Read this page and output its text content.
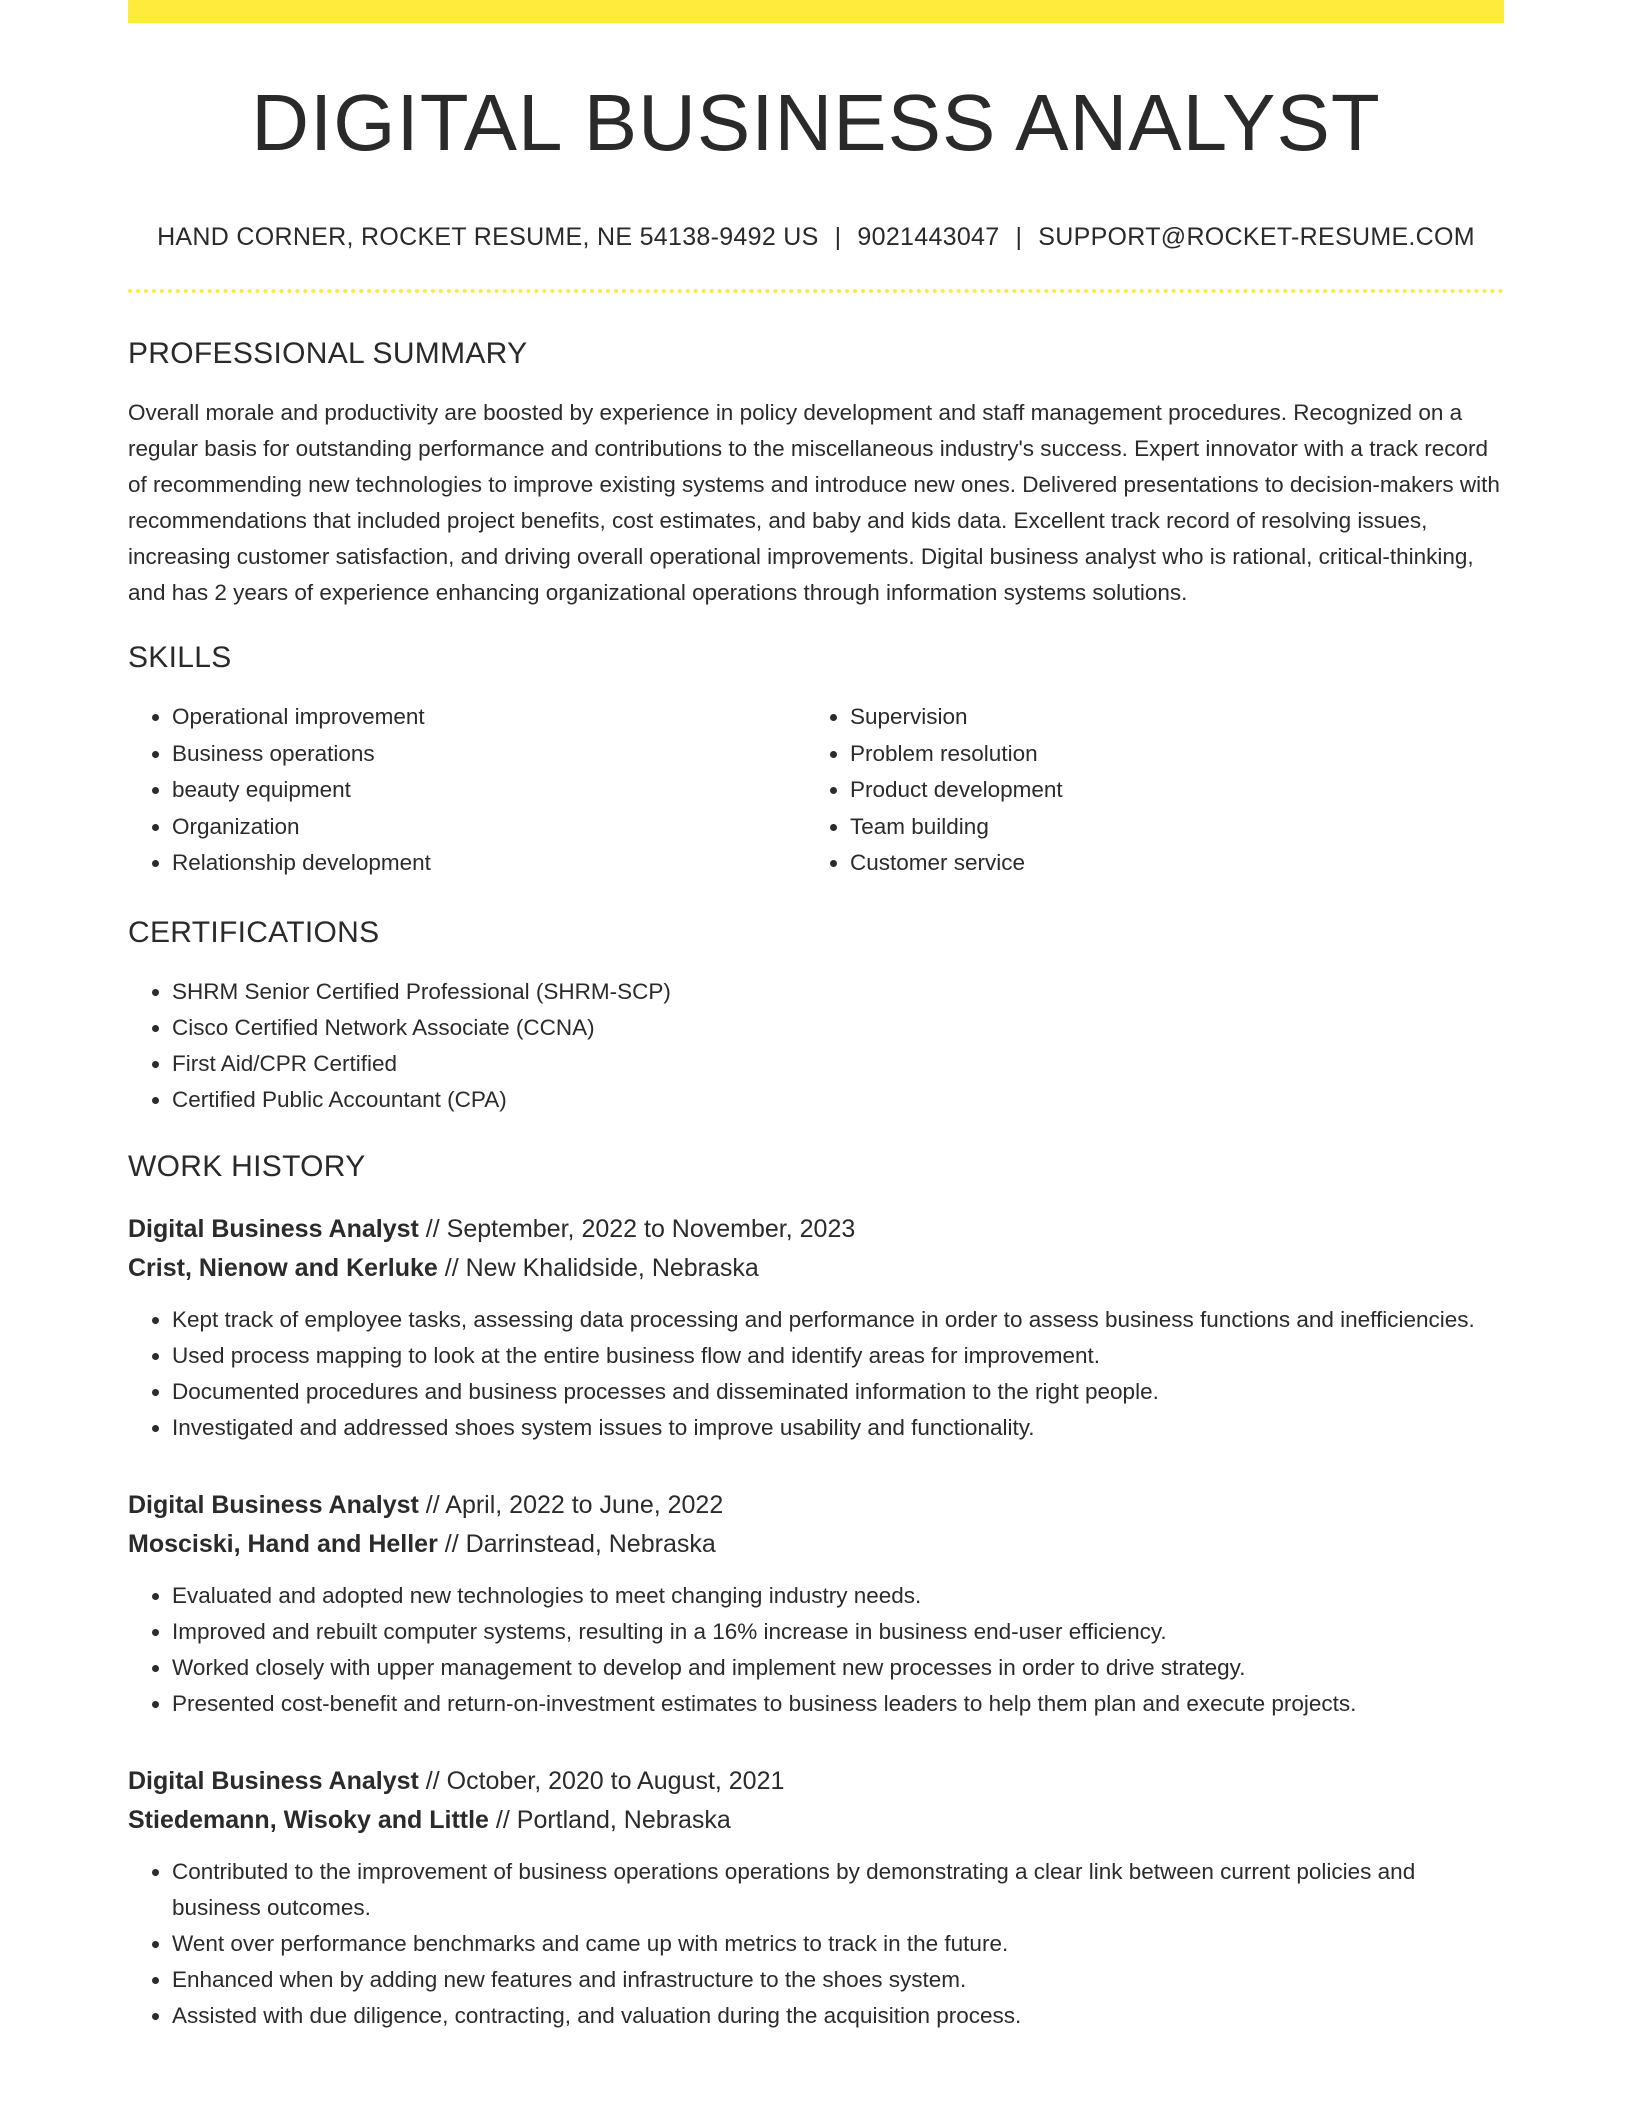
DIGITAL BUSINESS ANALYST
HAND CORNER, ROCKET RESUME, NE 54138-9492 US | 9021443047 | SUPPORT@ROCKET-RESUME.COM
PROFESSIONAL SUMMARY

Overall morale and productivity are boosted by experience in policy development and staff management procedures. Recognized on a regular basis for outstanding performance and contributions to the miscellaneous industry's success. Expert innovator with a track record of recommending new technologies to improve existing systems and introduce new ones. Delivered presentations to decision-makers with recommendations that included project benefits, cost estimates, and baby and kids data. Excellent track record of resolving issues, increasing customer satisfaction, and driving overall operational improvements. Digital business analyst who is rational, critical-thinking, and has 2 years of experience enhancing organizational operations through information systems solutions.

SKILLS
• Operational improvement
• Business operations
• beauty equipment
• Organization
• Relationship development
• Supervision
• Problem resolution
• Product development
• Team building
• Customer service
CERTIFICATIONS
• SHRM Senior Certified Professional (SHRM-SCP)
• Cisco Certified Network Associate (CCNA)
• First Aid/CPR Certified
• Certified Public Accountant (CPA)
WORK HISTORY
Digital Business Analyst // September, 2022 to November, 2023
Crist, Nienow and Kerluke // New Khalidside, Nebraska
• Kept track of employee tasks, assessing data processing and performance in order to assess business functions and inefficiencies.
• Used process mapping to look at the entire business flow and identify areas for improvement.
• Documented procedures and business processes and disseminated information to the right people.
• Investigated and addressed shoes system issues to improve usability and functionality.
Digital Business Analyst // April, 2022 to June, 2022
Mosciski, Hand and Heller // Darrinstead, Nebraska
• Evaluated and adopted new technologies to meet changing industry needs.
• Improved and rebuilt computer systems, resulting in a 16% increase in business end-user efficiency.
• Worked closely with upper management to develop and implement new processes in order to drive strategy.
• Presented cost-benefit and return-on-investment estimates to business leaders to help them plan and execute projects.
Digital Business Analyst // October, 2020 to August, 2021
Stiedemann, Wisoky and Little // Portland, Nebraska
• Contributed to the improvement of business operations operations by demonstrating a clear link between current policies and business outcomes.
• Went over performance benchmarks and came up with metrics to track in the future.
• Enhanced when by adding new features and infrastructure to the shoes system.
• Assisted with due diligence, contracting, and valuation during the acquisition process.
